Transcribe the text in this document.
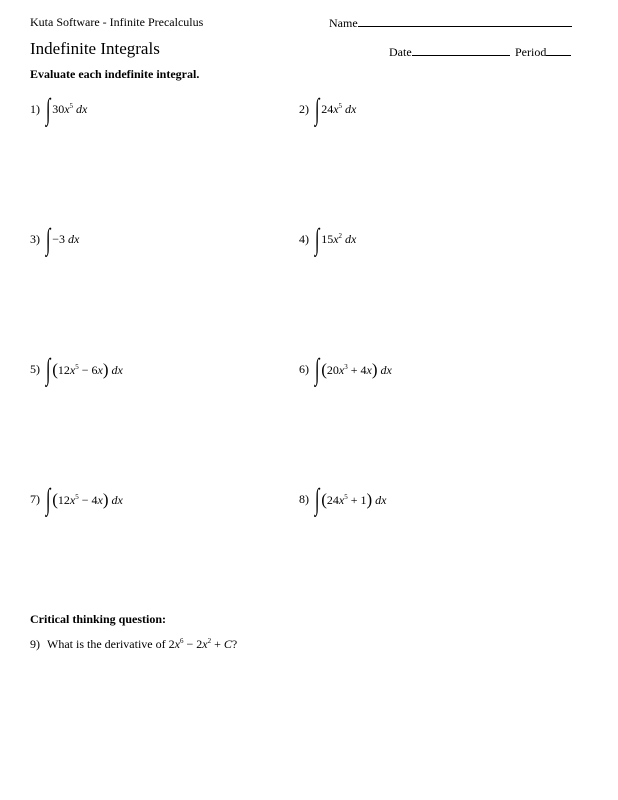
Kuta Software - Infinite Precalculus	Name
Indefinite Integrals	Date	Period
Evaluate each indefinite integral.
1) ∫ $30x^5$ dx	2) ∫ $24x^5$ dx
3) ∫ −3 dx	4) ∫ $15x^2$ dx
5) ∫ $(12x^5 - 6x)$ dx	6) ∫ $(20x^3 + 4x)$ dx
7) ∫ $(12x^5 - 4x)$ dx	8) ∫ $(24x^5 + 1)$ dx
Critical thinking question:
9) What is the derivative of $2x^6 - 2x^2 + C$?
